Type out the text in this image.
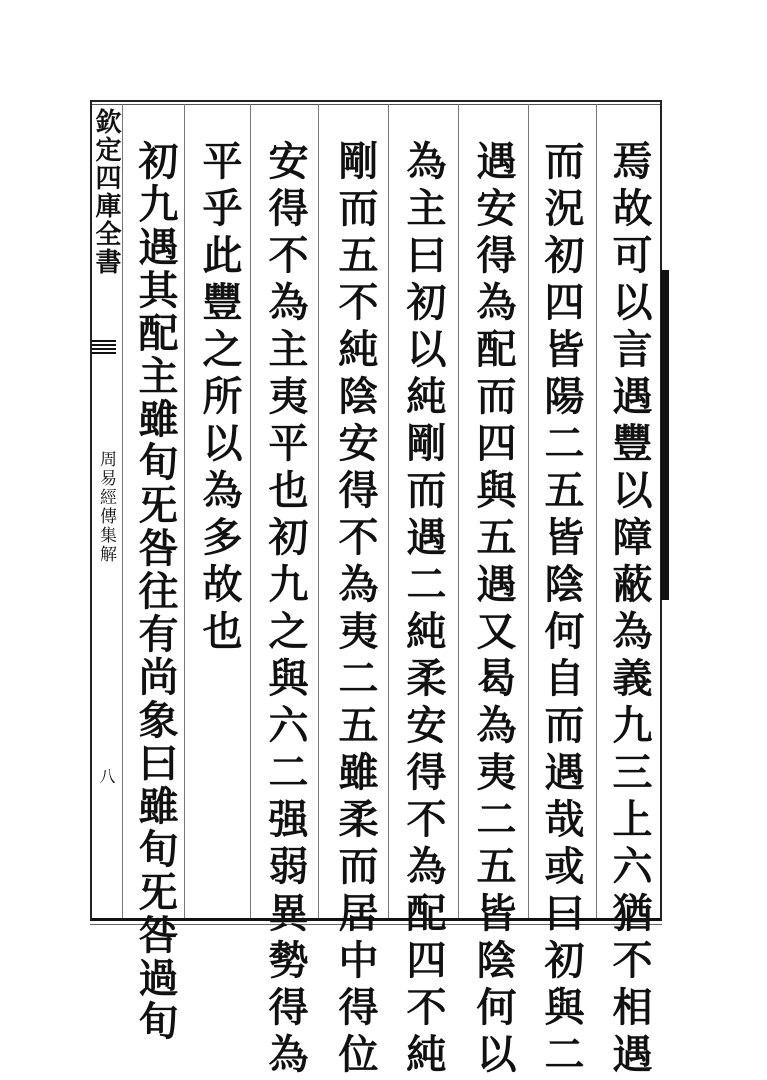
欽定四庫全書
周易經傳集解
八	焉故可以言遇豐以障蔽為義九三上六猶不相遇
而況初四皆陽二五皆陰何自而遇哉或曰初與二
遇安得為配而四與五遇又曷為夷二五皆陰何以
為主曰初以純剛而遇二純柔安得不為配四不純
剛而五不純陰安得不為夷二五雖柔而居中得位
安得不為主夷平也初九之與六二强弱異勢得為
平乎此豐之所以為多故也
初九遇其配主雖旬旡咎往有尚象曰雖旬旡咎過旬
